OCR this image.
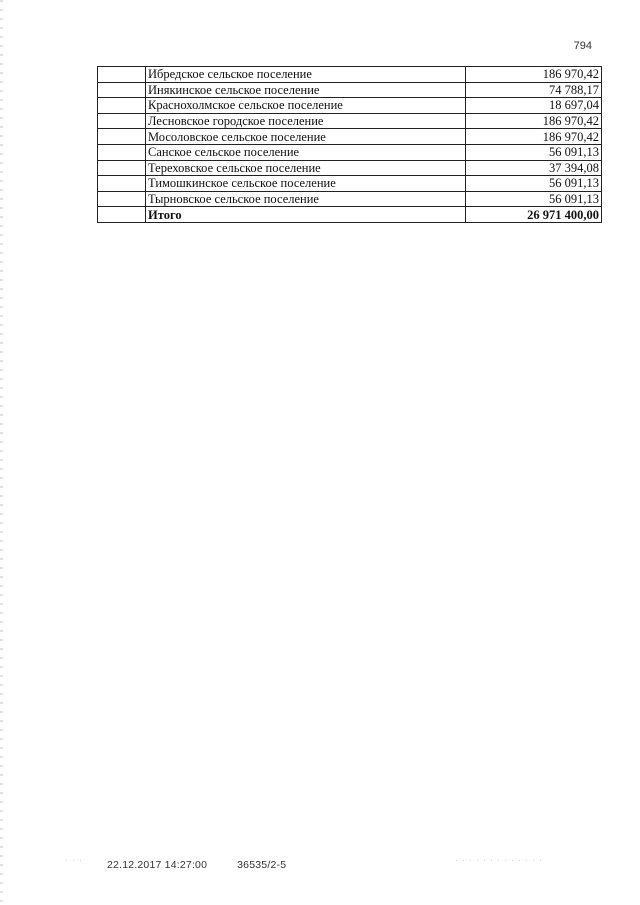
794
	Ибредское сельское поселение	186 970,42
	Инякинское сельское поселение	74 788,17
	Краснохолмское сельское поселение	18 697,04
	Лесновское городское поселение	186 970,42
	Мосоловское сельское поселение	186 970,42
	Санское сельское поселение	56 091,13
	Тереховское сельское поселение	37 394,08
	Тимошкинское сельское поселение	56 091,13
	Тырновское сельское поселение	56 091,13
	Итого	26 971 400,00
22.12.2017 14:27:00	36535/2-5
